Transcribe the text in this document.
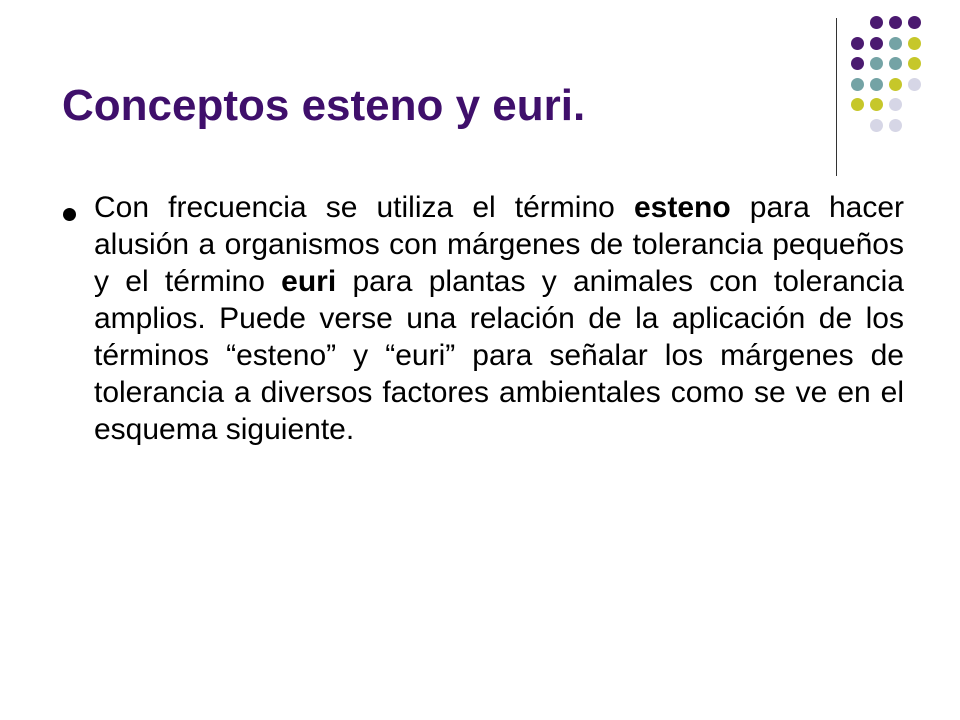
Conceptos esteno y euri.
Con frecuencia se utiliza el término esteno para hacer alusión a organismos con márgenes de tolerancia pequeños y el término euri para plantas y animales con tolerancia amplios. Puede verse una relación de la aplicación de los términos “esteno” y “euri” para señalar los márgenes de tolerancia a diversos factores ambientales como se ve en el esquema siguiente.
